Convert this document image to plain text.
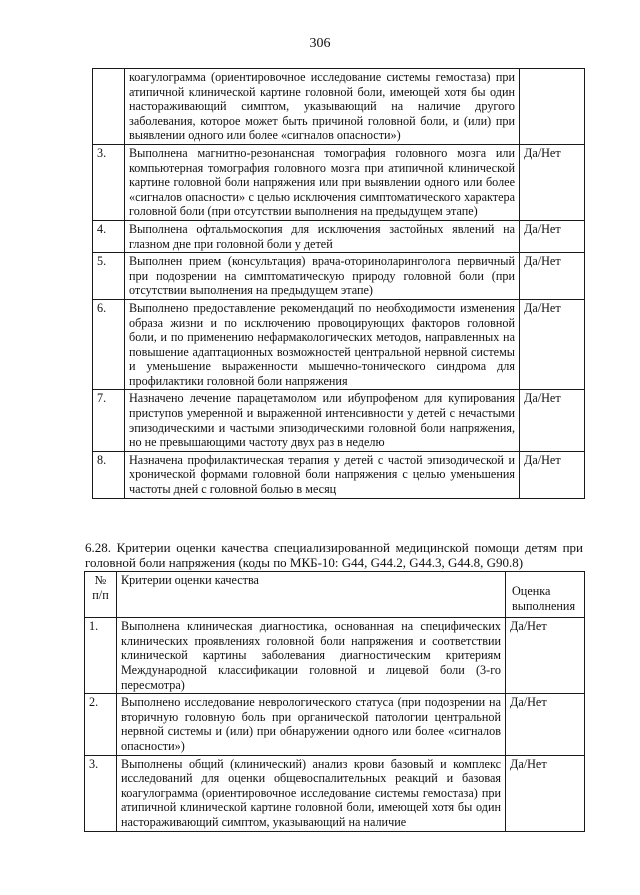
306
	коагулограмма (ориентировочное исследование системы гемостаза) при атипичной клинической картине головной боли, имеющей хотя бы один настораживающий симптом, указывающий на наличие другого заболевания, которое может быть причиной головной боли, и (или) при выявлении одного или более «сигналов опасности»)	
3.	Выполнена магнитно-резонансная томография головного мозга или компьютерная томография головного мозга при атипичной клинической картине головной боли напряжения или при выявлении одного или более «сигналов опасности» с целью исключения симптоматического характера головной боли (при отсутствии выполнения на предыдущем этапе)	Да/Нет
4.	Выполнена офтальмоскопия для исключения застойных явлений на глазном дне при головной боли у детей	Да/Нет
5.	Выполнен прием (консультация) врача-оториноларинголога первичный при подозрении на симптоматическую природу головной боли (при отсутствии выполнения на предыдущем этапе)	Да/Нет
6.	Выполнено предоставление рекомендаций по необходимости изменения образа жизни и по исключению провоцирующих факторов головной боли, и по применению нефармакологических методов, направленных на повышение адаптационных возможностей центральной нервной системы и уменьшение выраженности мышечно-тонического синдрома для профилактики головной боли напряжения	Да/Нет
7.	Назначено лечение парацетамолом или ибупрофеном для купирования приступов умеренной и выраженной интенсивности у детей с нечастыми эпизодическими и частыми эпизодическими головной боли напряжения, но не превышающими частоту двух раз в неделю	Да/Нет
8.	Назначена профилактическая терапия у детей с частой эпизодической и хронической формами головной боли напряжения с целью уменьшения частоты дней с головной болью в месяц	Да/Нет
6.28. Критерии оценки качества специализированной медицинской помощи детям при головной боли напряжения (коды по МКБ-10: G44, G44.2, G44.3, G44.8, G90.8)
№ п/п	Критерии оценки качества	Оценка выполнения
1.	Выполнена клиническая диагностика, основанная на специфических клинических проявлениях головной боли напряжения и соответствии клинической картины заболевания диагностическим критериям Международной классификации головной и лицевой боли (3-го пересмотра)	Да/Нет
2.	Выполнено исследование неврологического статуса (при подозрении на вторичную головную боль при органической патологии центральной нервной системы и (или) при обнаружении одного или более «сигналов опасности»)	Да/Нет
3.	Выполнены общий (клинический) анализ крови базовый и комплекс исследований для оценки общевоспалительных реакций и базовая коагулограмма (ориентировочное исследование системы гемостаза) при атипичной клинической картине головной боли, имеющей хотя бы один настораживающий симптом, указывающий на наличие	Да/Нет
